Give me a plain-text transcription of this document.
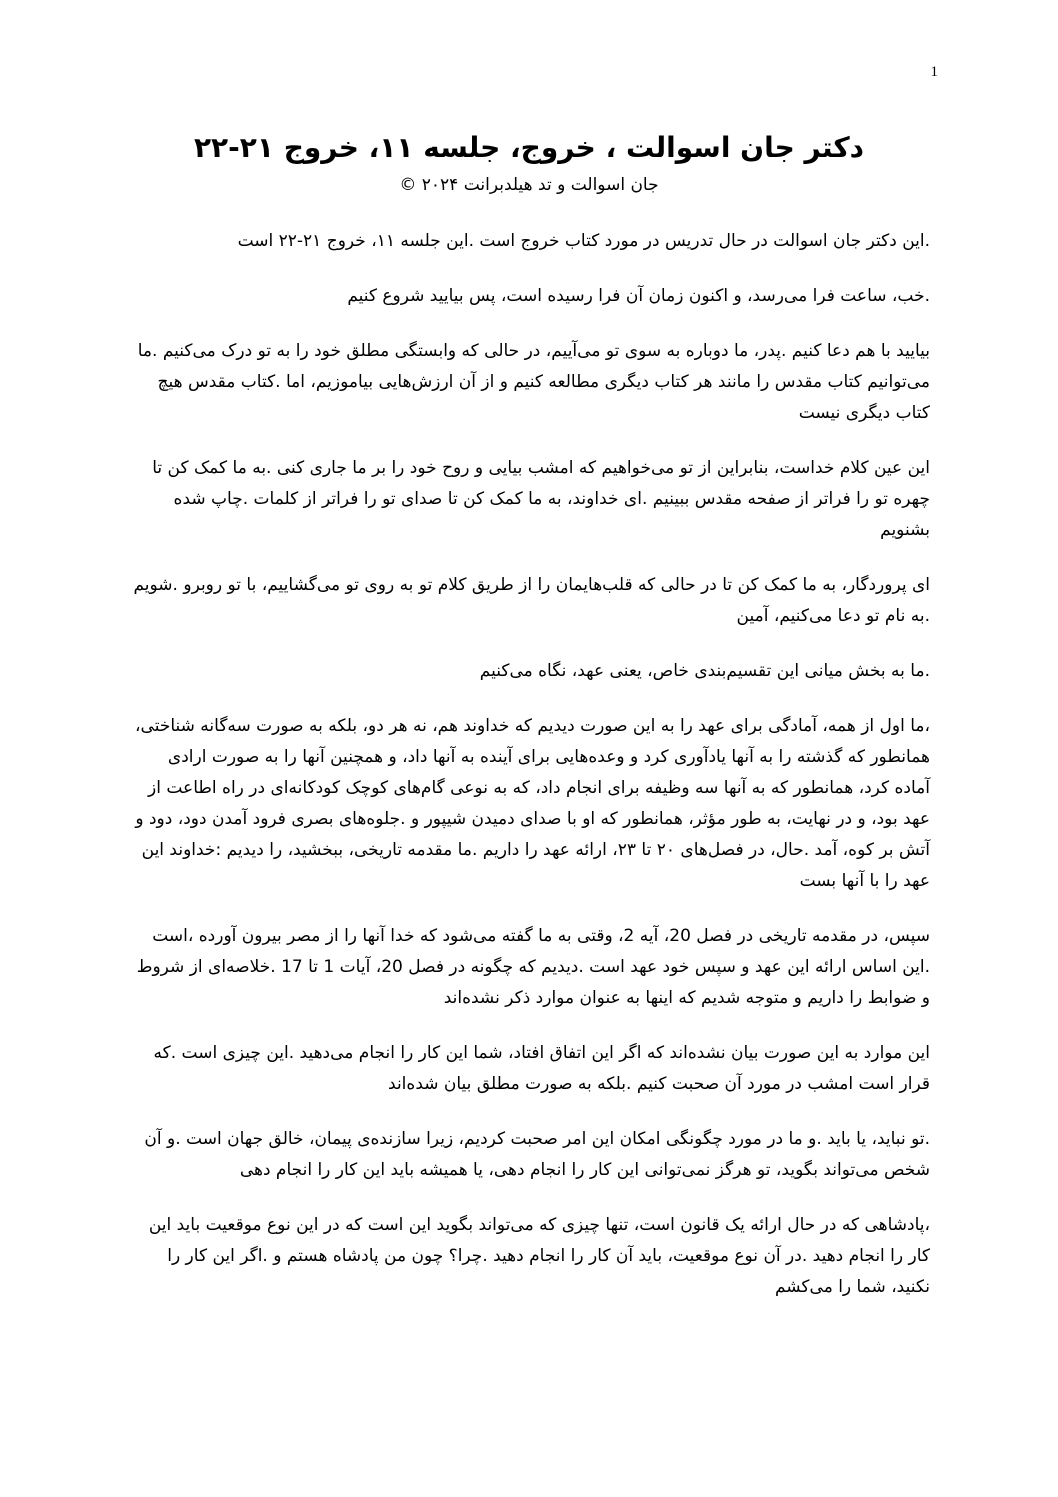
1
دکتر جان اسوالت ، خروج، جلسه ۱۱، خروج ۲۱-۲۲

جان اسوالت و تد هیلدبرانت ۲۰۲۴ ©

.این دکتر جان اسوالت در حال تدریس در مورد کتاب خروج است .این جلسه ۱۱، خروج ۲۱-۲۲ است

.خب، ساعت فرا می‌رسد، و اکنون زمان آن فرا رسیده است، پس بیایید شروع کنیم

بیایید با هم دعا کنیم .پدر، ما دوباره به سوی تو می‌آییم، در حالی که وابستگی مطلق خود را به تو درک می‌کنیم .ما می‌توانیم کتاب مقدس را مانند هر کتاب دیگری مطالعه کنیم و از آن ارزش‌هایی بیاموزیم، اما .کتاب مقدس هیچ کتاب دیگری نیست

این عین کلام خداست، بنابراین از تو می‌خواهیم که امشب بیایی و روح خود را بر ما جاری کنی .به ما کمک کن تا چهره تو را فراتر از صفحه مقدس ببینیم .ای خداوند، به ما کمک کن تا صدای تو را فراتر از کلمات .چاپ شده بشنویم

ای پروردگار، به ما کمک کن تا در حالی که قلب‌هایمان را از طریق کلام تو به روی تو می‌گشاییم، با تو روبرو .شویم .به نام تو دعا می‌کنیم، آمین

.ما به بخش میانی این تقسیم‌بندی خاص، یعنی عهد، نگاه می‌کنیم

،ما اول از همه، آمادگی برای عهد را به این صورت دیدیم که خداوند هم، نه هر دو، بلکه به صورت سه‌گانه شناختی، همانطور که گذشته را به آنها یادآوری کرد و وعده‌هایی برای آینده به آنها داد، و همچنین آنها را به صورت ارادی آماده کرد، همانطور که به آنها سه وظیفه برای انجام داد، که به نوعی گام‌های کوچک کودکانه‌ای در راه اطاعت از عهد بود، و در نهایت، به طور مؤثر، همانطور که او با صدای دمیدن شیپور و .جلوه‌های بصری فرود آمدن دود، دود و آتش بر کوه، آمد .حال، در فصل‌های ۲۰ تا ۲۳، ارائه عهد را داریم .ما مقدمه تاریخی، ببخشید، را دیدیم :خداوند این عهد را با آنها بست

سپس، در مقدمه تاریخی در فصل 20، آیه 2، وقتی به ما گفته می‌شود که خدا آنها را از مصر بیرون آورده ،است .این اساس ارائه این عهد و سپس خود عهد است .دیدیم که چگونه در فصل 20، آیات 1 تا 17 .خلاصه‌ای از شروط و ضوابط را داریم و متوجه شدیم که اینها به عنوان موارد ذکر نشده‌اند

این موارد به این صورت بیان نشده‌اند که اگر این اتفاق افتاد، شما این کار را انجام می‌دهید .این چیزی است .که قرار است امشب در مورد آن صحبت کنیم .بلکه به صورت مطلق بیان شده‌اند

.تو نباید، یا باید .و ما در مورد چگونگی امکان این امر صحبت کردیم، زیرا سازنده‌ی پیمان، خالق جهان است .و آن شخص می‌تواند بگوید، تو هرگز نمی‌توانی این کار را انجام دهی، یا همیشه باید این کار را انجام دهی

،پادشاهی که در حال ارائه یک قانون است، تنها چیزی که می‌تواند بگوید این است که در این نوع موقعیت باید این کار را انجام دهید .در آن نوع موقعیت، باید آن کار را انجام دهید .چرا؟ چون من پادشاه هستم و .اگر این کار را نکنید، شما را می‌کشم
